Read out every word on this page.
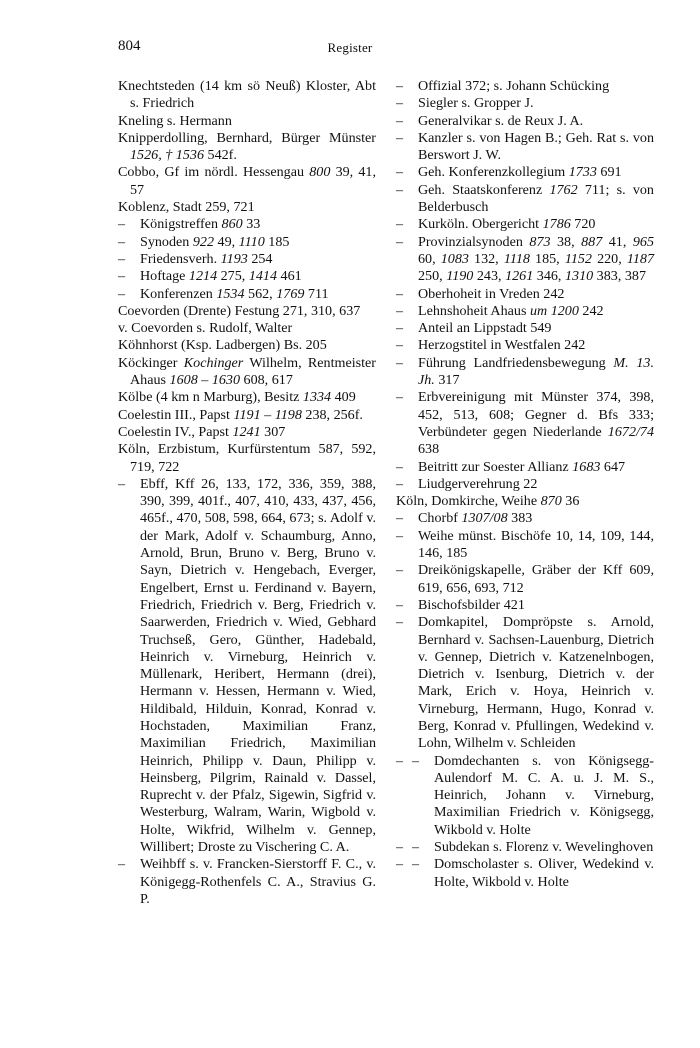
804	Register
Knechtsteden (14 km sö Neuß) Kloster, Abt s. Friedrich
Kneling s. Hermann
Knipperdolling, Bernhard, Bürger Münster 1526, † 1536 542f.
Cobbo, Gf im nördl. Hessengau 800 39, 41, 57
Koblenz, Stadt 259, 721
– Königstreffen 860 33
– Synoden 922 49, 1110 185
– Friedensverh. 1193 254
– Hoftage 1214 275, 1414 461
– Konferenzen 1534 562, 1769 711
Coevorden (Drente) Festung 271, 310, 637
v. Coevorden s. Rudolf, Walter
Köhnhorst (Ksp. Ladbergen) Bs. 205
Köckinger Kochinger Wilhelm, Rentmeister Ahaus 1608 – 1630 608, 617
Kölbe (4 km n Marburg), Besitz 1334 409
Coelestin III., Papst 1191 – 1198 238, 256f.
Coelestin IV., Papst 1241 307
Köln, Erzbistum, Kurfürstentum 587, 592, 719, 722
– Ebff, Kff 26, 133, 172, 336, 359, 388, 390, 399, 401f., 407, 410, 433, 437, 456, 465f., 470, 508, 598, 664, 673; s. Adolf v. der Mark, Adolf v. Schaumburg, Anno, Arnold, Brun, Bruno v. Berg, Bruno v. Sayn, Dietrich v. Hengebach, Everger, Engelbert, Ernst u. Ferdinand v. Bayern, Friedrich, Friedrich v. Berg, Friedrich v. Saarwerden, Friedrich v. Wied, Gebhard Truchseß, Gero, Günther, Hadebald, Heinrich v. Virneburg, Heinrich v. Müllenark, Heribert, Hermann (drei), Hermann v. Hessen, Hermann v. Wied, Hildibald, Hilduin, Konrad, Konrad v. Hochstaden, Maximilian Franz, Maximilian Friedrich, Maximilian Heinrich, Philipp v. Daun, Philipp v. Heinsberg, Pilgrim, Rainald v. Dassel, Ruprecht v. der Pfalz, Sigewin, Sigfrid v. Westerburg, Walram, Warin, Wigbold v. Holte, Wikfrid, Wilhelm v. Gennep, Willibert; Droste zu Vischering C. A.
– Weihbff s. v. Francken-Sierstorff F. C., v. Königegg-Rothenfels C. A., Stravius G. P.
– Offizial 372; s. Johann Schücking
– Siegler s. Gropper J.
– Generalvikar s. de Reux J. A.
– Kanzler s. von Hagen B.; Geh. Rat s. von Berswort J. W.
– Geh. Konferenzkollegium 1733 691
– Geh. Staatskonferenz 1762 711; s. von Belderbusch
– Kurköln. Obergericht 1786 720
– Provinzialsynoden 873 38, 887 41, 965 60, 1083 132, 1118 185, 1152 220, 1187 250, 1190 243, 1261 346, 1310 383, 387
– Oberhoheit in Vreden 242
– Lehnshoheit Ahaus um 1200 242
– Anteil an Lippstadt 549
– Herzogstitel in Westfalen 242
– Führung Landfriedensbewegung M. 13. Jh. 317
– Erbvereinigung mit Münster 374, 398, 452, 513, 608; Gegner d. Bfs 333; Verbündeter gegen Niederlande 1672/74 638
– Beitritt zur Soester Allianz 1683 647
– Liudgerverehrung 22
Köln, Domkirche, Weihe 870 36
– Chorbf 1307/08 383
– Weihe münst. Bischöfe 10, 14, 109, 144, 146, 185
– Dreikönigskapelle, Gräber der Kff 609, 619, 656, 693, 712
– Bischofsbilder 421
– Domkapitel, Dompröpste s. Arnold, Bernhard v. Sachsen-Lauenburg, Dietrich v. Gennep, Dietrich v. Katzenelnbogen, Dietrich v. Isenburg, Dietrich v. der Mark, Erich v. Hoya, Heinrich v. Virneburg, Hermann, Hugo, Konrad v. Berg, Konrad v. Pfullingen, Wedekind v. Lohn, Wilhelm v. Schleiden
– – Domdechanten s. von Königsegg-Aulendorf M. C. A. u. J. M. S., Heinrich, Johann v. Virneburg, Maximilian Friedrich v. Königsegg, Wikbold v. Holte
– – Subdekan s. Florenz v. Wevelinghoven
– – Domscholaster s. Oliver, Wedekind v. Holte, Wikbold v. Holte
